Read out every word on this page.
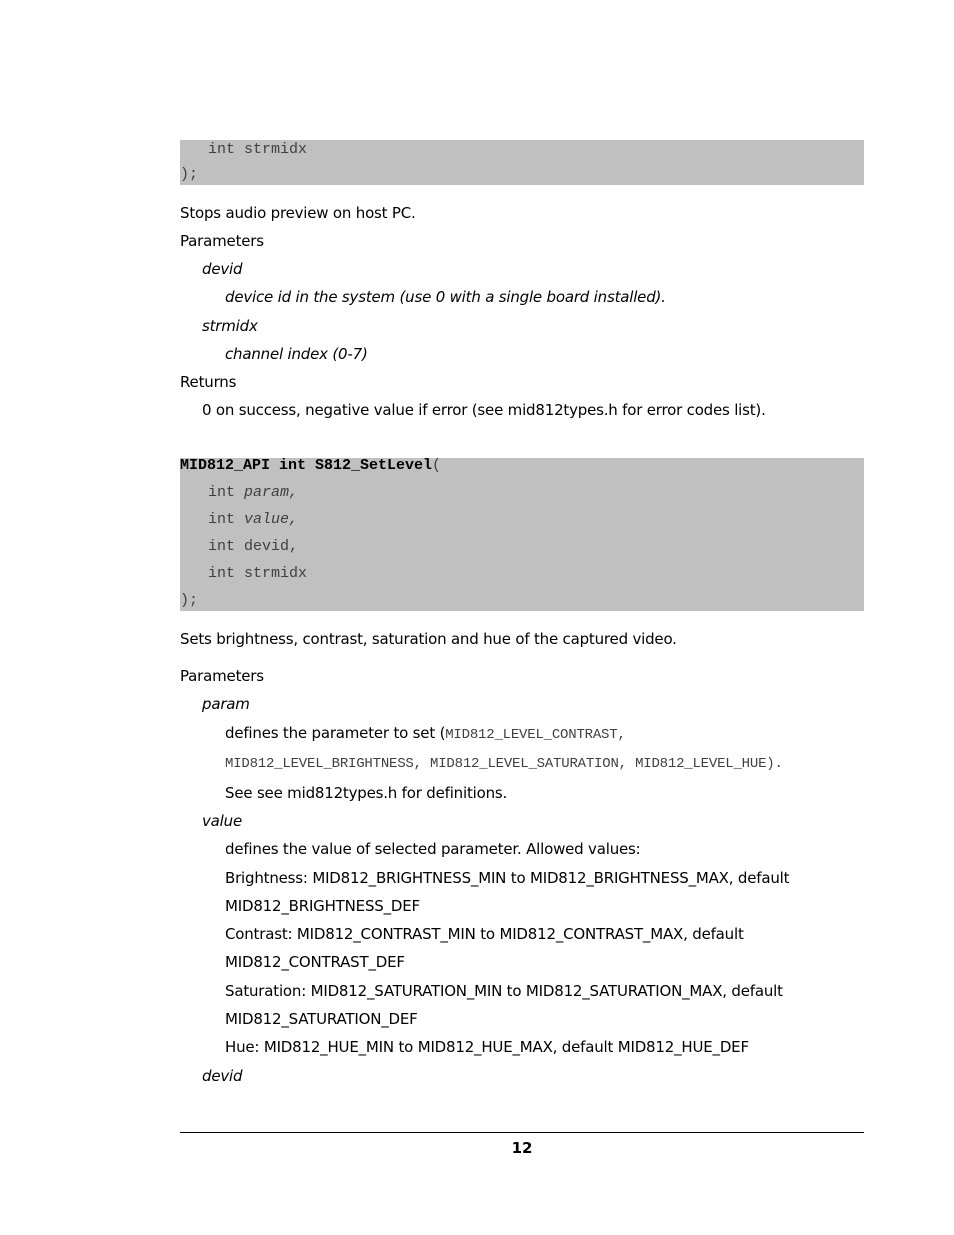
int strmidx
);
Stops audio preview on host PC.
Parameters
devid
device id in the system (use 0 with a single board installed).
strmidx
channel index (0-7)
Returns
0 on success, negative value if error (see mid812types.h for error codes list).
MID812_API int S812_SetLevel(
int param,
int value,
int devid,
int strmidx
);
Sets brightness, contrast, saturation and hue of the captured video.
Parameters
param
defines the parameter to set (MID812_LEVEL_CONTRAST,
MID812_LEVEL_BRIGHTNESS, MID812_LEVEL_SATURATION, MID812_LEVEL_HUE).
See see mid812types.h for definitions.
value
defines the value of selected parameter. Allowed values:
Brightness: MID812_BRIGHTNESS_MIN to MID812_BRIGHTNESS_MAX, default
MID812_BRIGHTNESS_DEF
Contrast: MID812_CONTRAST_MIN to MID812_CONTRAST_MAX, default
MID812_CONTRAST_DEF
Saturation: MID812_SATURATION_MIN to MID812_SATURATION_MAX, default
MID812_SATURATION_DEF
Hue: MID812_HUE_MIN to MID812_HUE_MAX, default MID812_HUE_DEF
devid
12
